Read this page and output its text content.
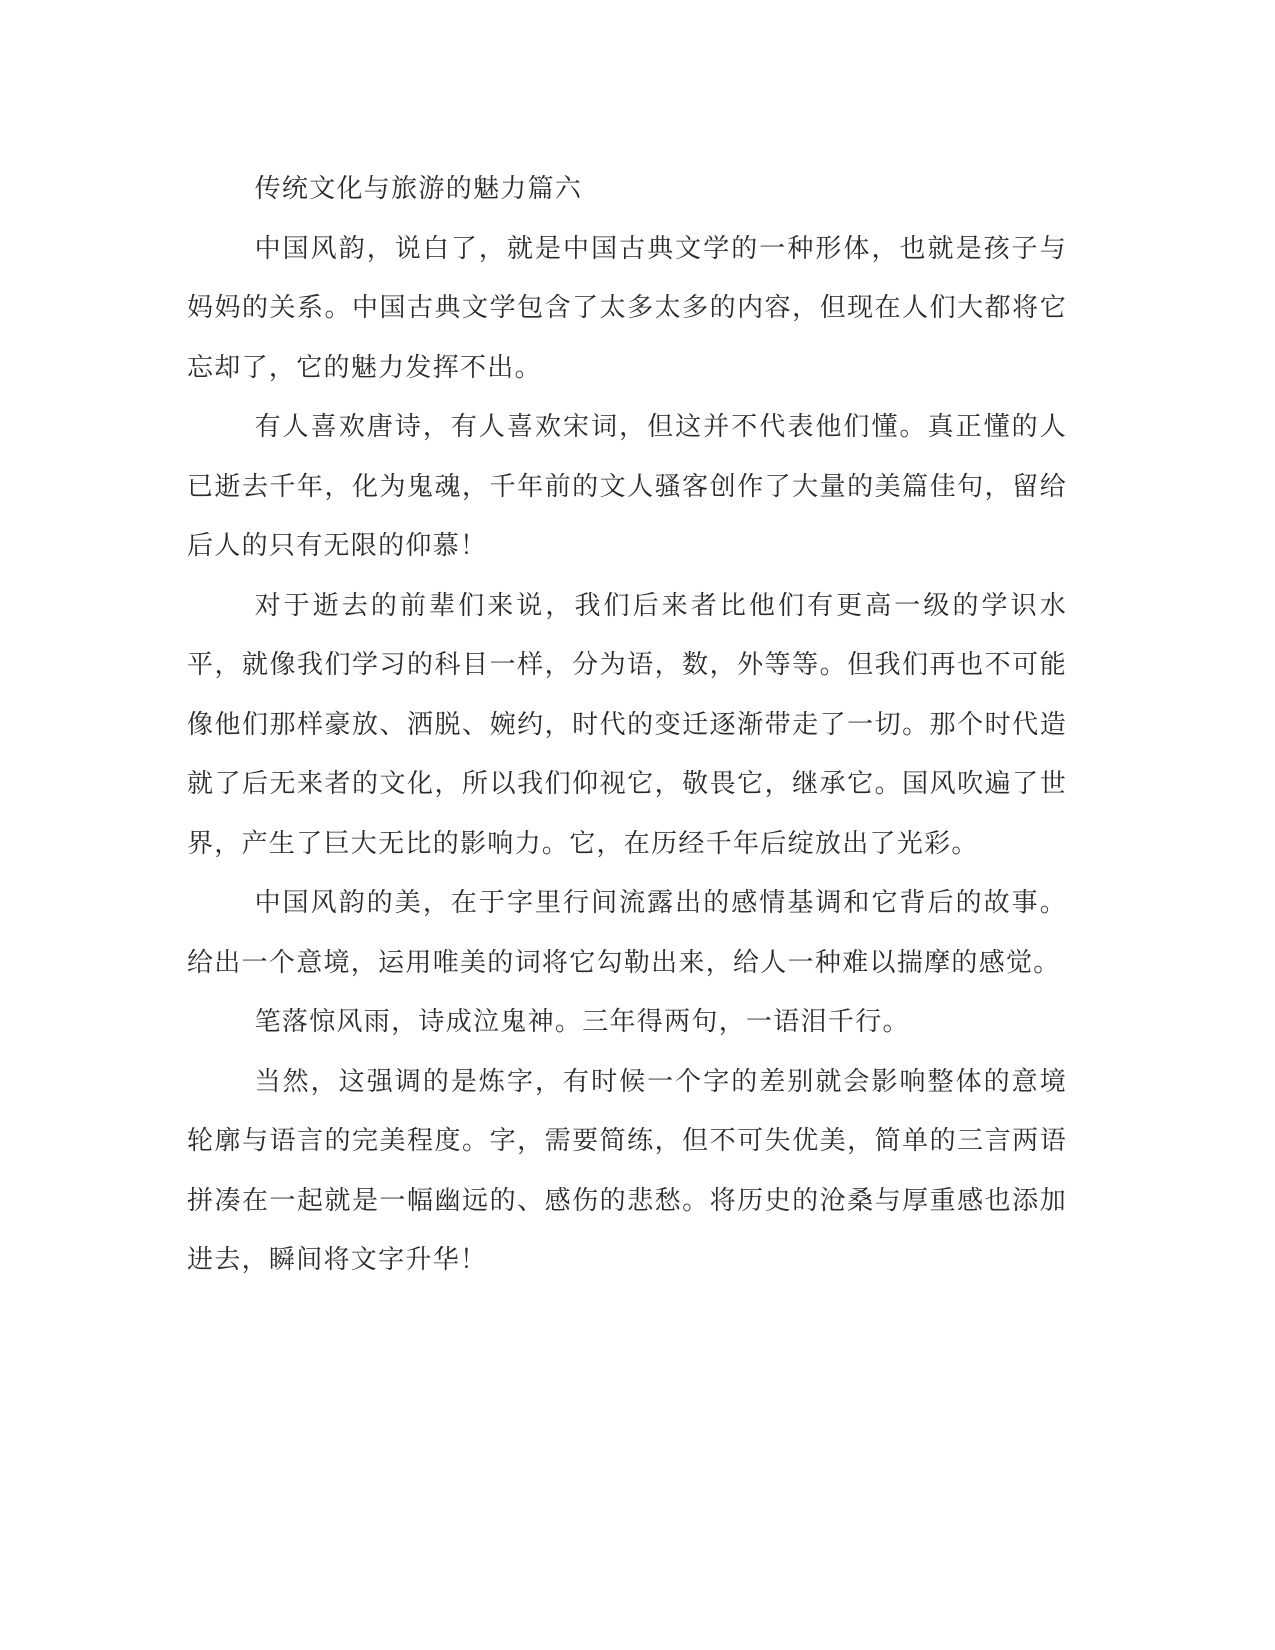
传统文化与旅游的魅力篇六

中国风韵，说白了，就是中国古典文学的一种形体，也就是孩子与妈妈的关系。中国古典文学包含了太多太多的内容，但现在人们大都将它忘却了，它的魅力发挥不出。

有人喜欢唐诗，有人喜欢宋词，但这并不代表他们懂。真正懂的人已逝去千年，化为鬼魂，千年前的文人骚客创作了大量的美篇佳句，留给后人的只有无限的仰慕！

对于逝去的前辈们来说，我们后来者比他们有更高一级的学识水平，就像我们学习的科目一样，分为语，数，外等等。但我们再也不可能像他们那样豪放、洒脱、婉约，时代的变迁逐渐带走了一切。那个时代造就了后无来者的文化，所以我们仰视它，敬畏它，继承它。国风吹遍了世界，产生了巨大无比的影响力。它，在历经千年后绽放出了光彩。

中国风韵的美，在于字里行间流露出的感情基调和它背后的故事。给出一个意境，运用唯美的词将它勾勒出来，给人一种难以揣摩的感觉。

笔落惊风雨，诗成泣鬼神。三年得两句，一语泪千行。

当然，这强调的是炼字，有时候一个字的差别就会影响整体的意境轮廓与语言的完美程度。字，需要简练，但不可失优美，简单的三言两语拼凑在一起就是一幅幽远的、感伤的悲愁。将历史的沧桑与厚重感也添加进去，瞬间将文字升华！
